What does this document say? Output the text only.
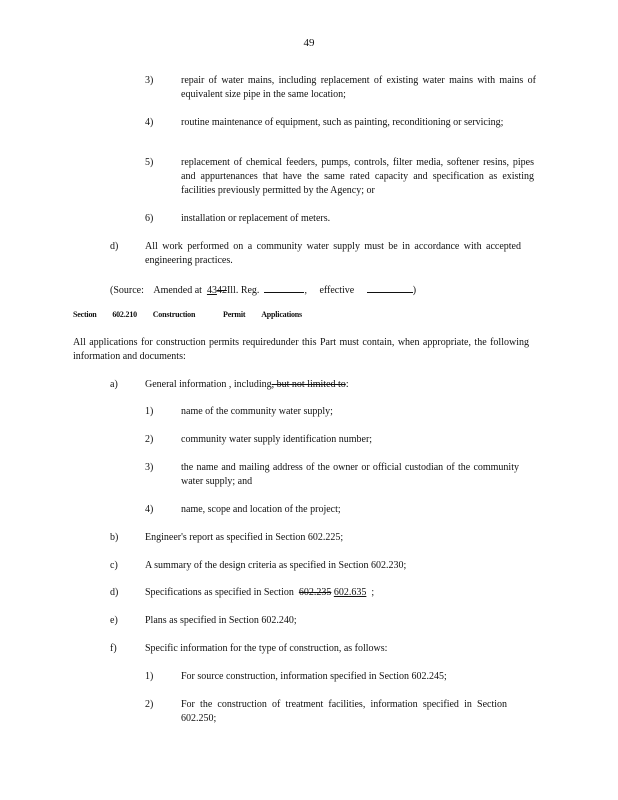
49
3)	repair of water mains, including replacement of existing water mains with mains of equivalent size pipe in the same location;
4)	routine maintenance of equipment, such as painting, reconditioning or servicing;
5)	replacement of chemical feeders, pumps, controls, filter media, softener resins, pipes and appurtenances that have the same rated capacity and specification as existing facilities previously permitted by the Agency; or
6)	installation or replacement of meters.
d)	All work performed on a community water supply must be in accordance with accepted engineering practices.
(Source: Amended at 4342Ill. Reg.	, effective	)
Section 602.210 Construction	Permit Applications
All applications for construction permits requiredunder this Part must contain, when appropriate, the following information and documents:
a)	General information , including, but not limited to:
1)	name of the community water supply;
2)	community water supply identification number;
3)	the name and mailing address of the owner or official custodian of the community water supply; and
4)	name, scope and location of the project;
b)	Engineer's report as specified in Section 602.225;
c)	A summary of the design criteria as specified in Section 602.230;
d)	Specifications as specified in Section 602.235 602.635 ;
e)	Plans as specified in Section 602.240;
f)	Specific information for the type of construction, as follows:
1)	For source construction, information specified in Section 602.245;
2)	For the construction of treatment facilities, information specified in Section 602.250;
